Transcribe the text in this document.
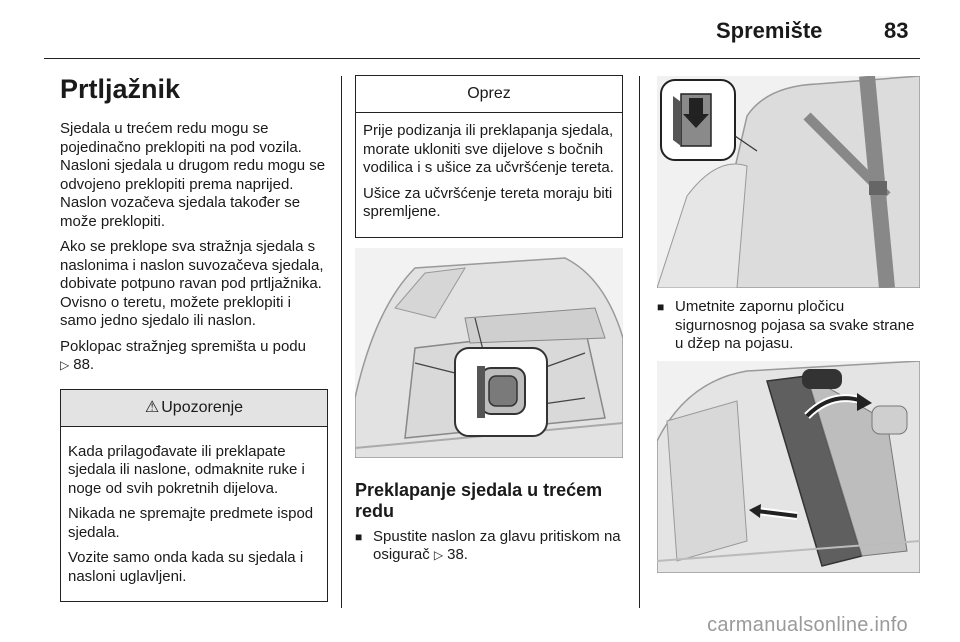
Spremište	83
Prtljažnik
Sjedala u trećem redu mogu se pojedinačno preklopiti na pod vozila. Nasloni sjedala u drugom redu mogu se odvojeno preklopiti prema naprijed. Naslon vozačeva sjedala također se može preklopiti.
Ako se preklope sva stražnja sjedala s naslonima i naslon suvozačeva sjedala, dobivate potpuno ravan pod prtljažnika. Ovisno o teretu, možete preklopiti i samo jedno sjedalo ili naslon.
Poklopac stražnjeg spremišta u podu ▷ 88.
⚠ Upozorenje
Kada prilagođavate ili preklapate sjedala ili naslone, odmaknite ruke i noge od svih pokretnih dijelova.
Nikada ne spremajte predmete ispod sjedala.
Vozite samo onda kada su sjedala i nasloni uglavljeni.
Oprez
Prije podizanja ili preklapanja sjedala, morate ukloniti sve dijelove s bočnih vodilica i s ušice za učvršćenje tereta.
Ušice za učvršćenje tereta moraju biti spremljene.
Preklapanje sjedala u trećem redu
■ Spustite naslon za glavu pritiskom na osigurač ▷ 38.
■ Umetnite zapornu pločicu sigurnosnog pojasa sa svake strane u džep na pojasu.
carmanualsonline.info
